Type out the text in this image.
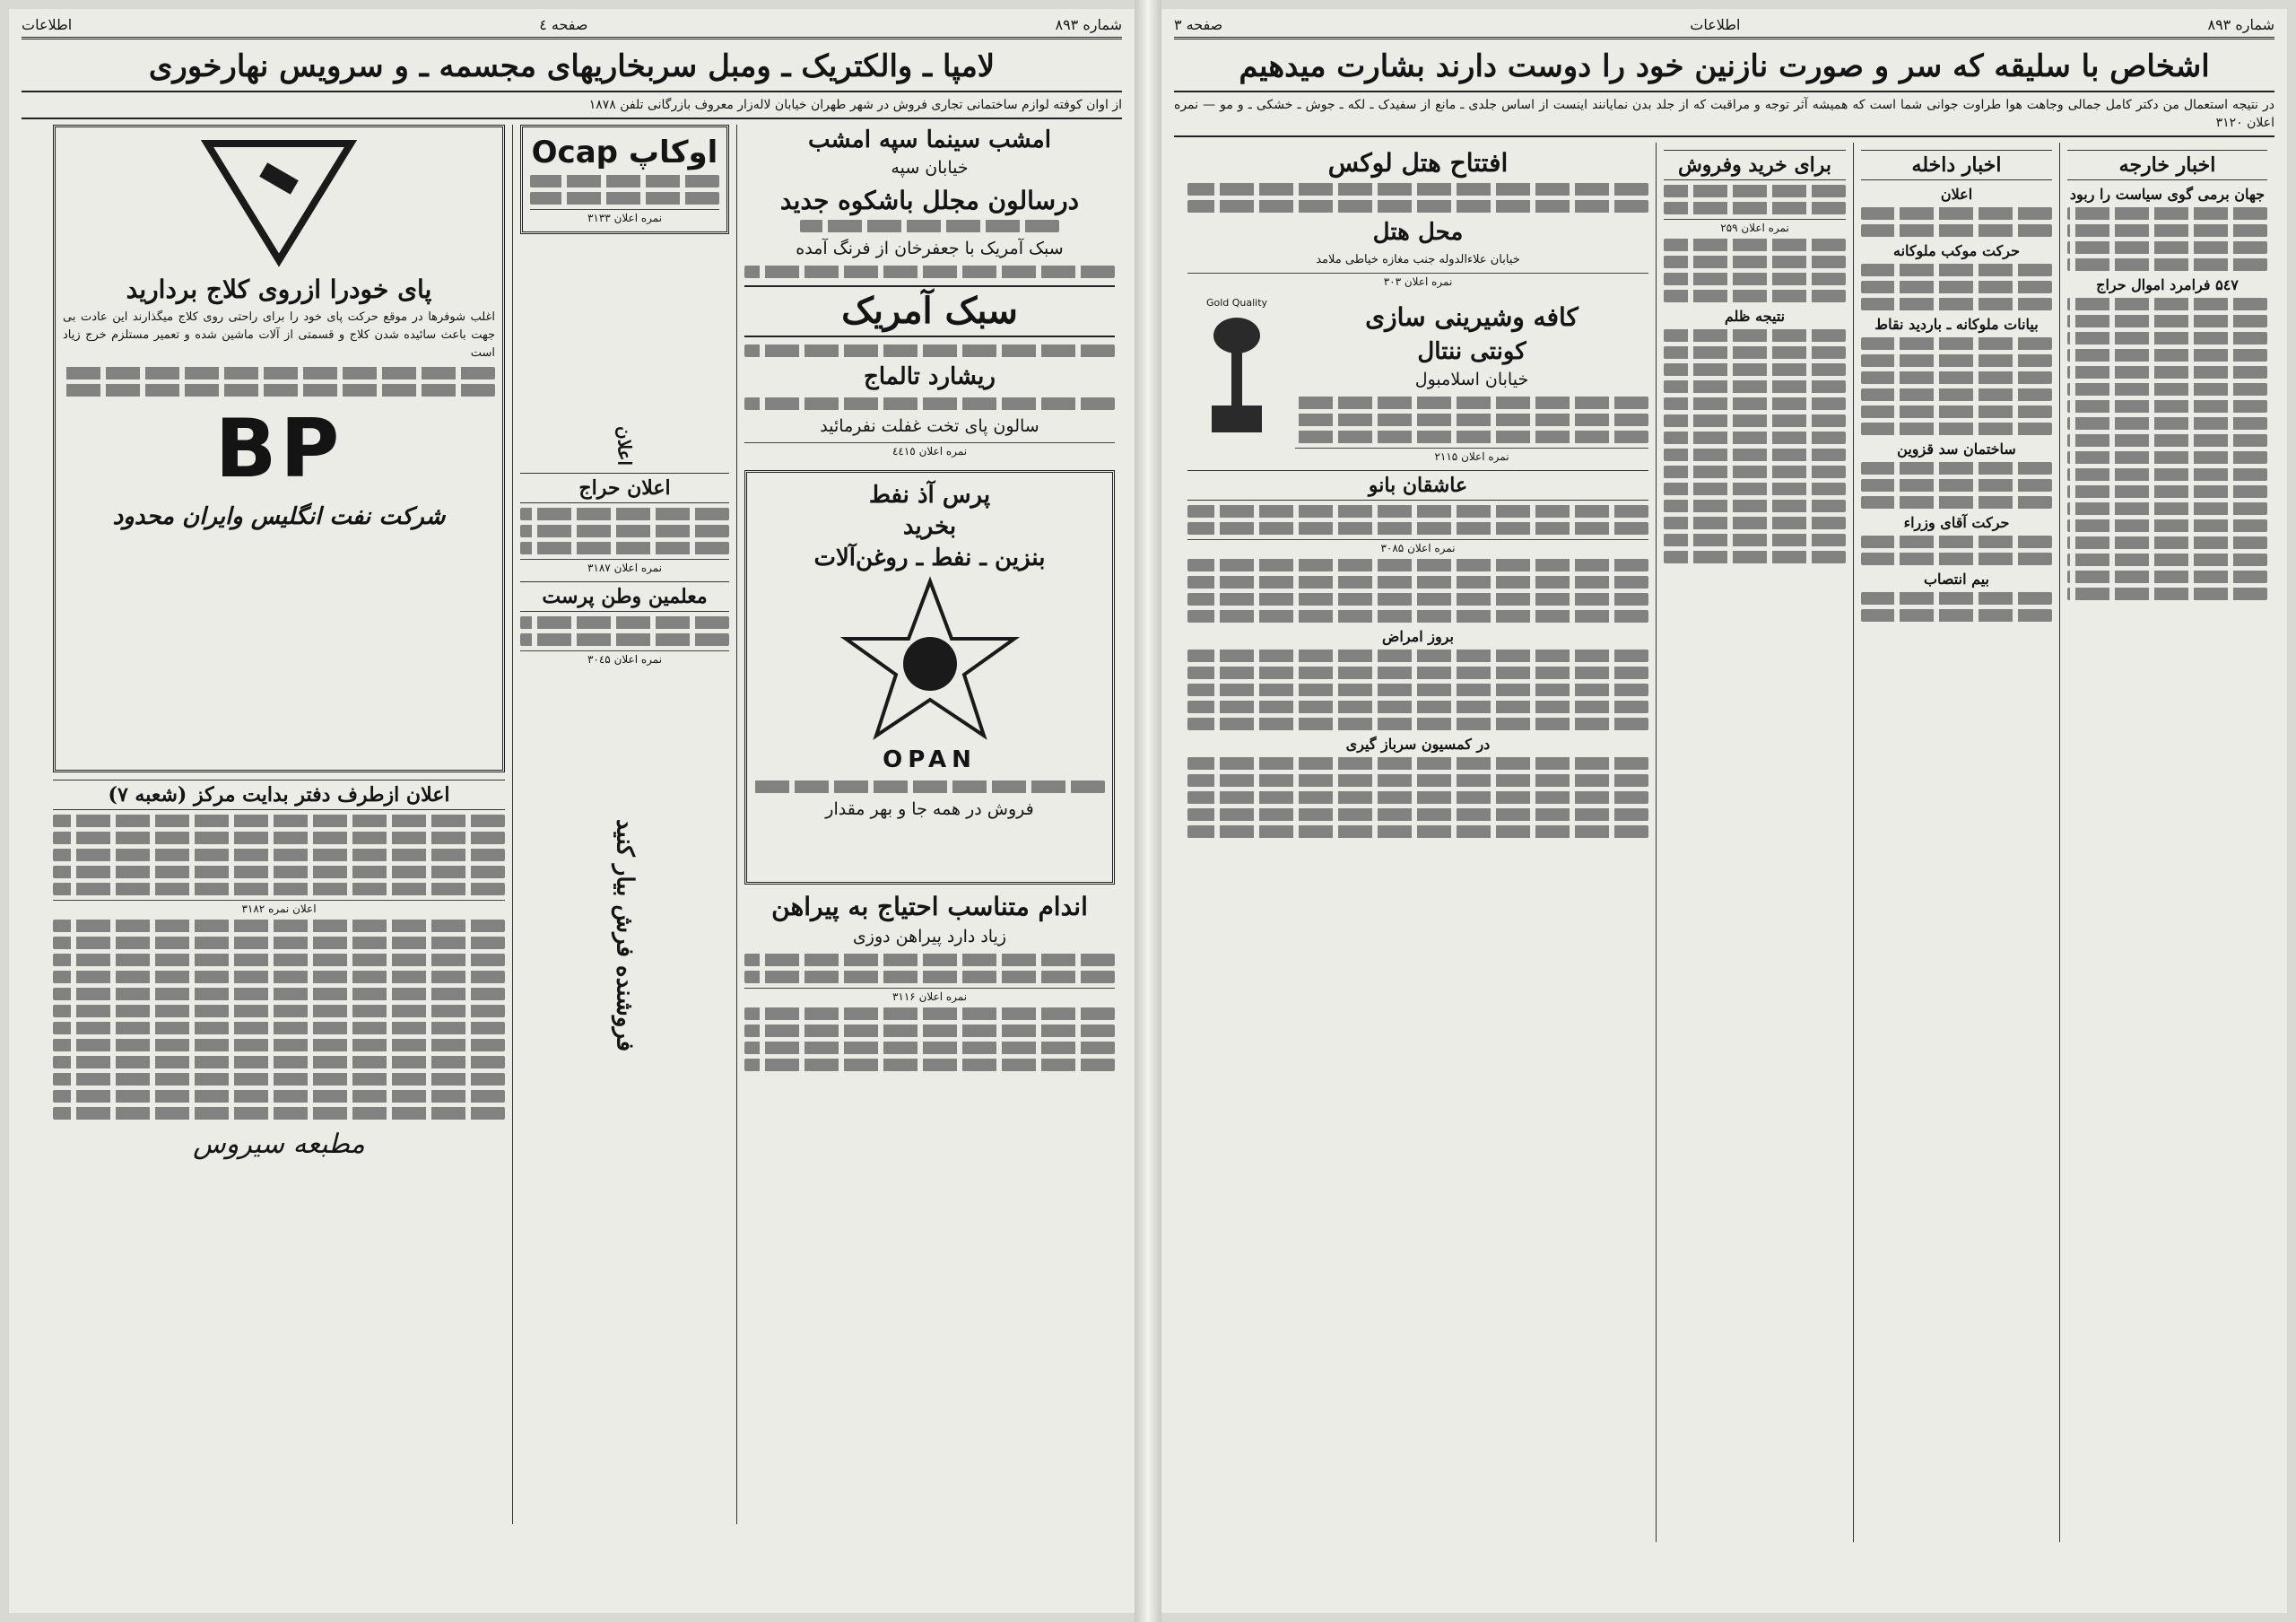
شماره ۸۹۳
صفحه ٤
اطلاعات
لامپا ـ والکتریک ـ ومبل سربخاریهای مجسمه ـ و سرویس نهارخوری
از اوان کوفته لوازم ساختمانی تجاری فروش در شهر طهران خیابان لاله‌زار معروف بازرگانی تلفن ۱۸۷۸
امشب سینما سپه امشب
خیابان سپه
درسالون مجلل باشکوه جدید
سبک آمریک با جعفرخان از فرنگ آمده
سبک آمریک
ریشارد تالماج
سالون پای تخت غفلت نفرمائید
نمره اعلان ٤٤١٥
پرس آذ نفط
بخرید
بنزین ـ نفط ـ روغن‌آلات
OPAN
فروش در همه جا و بهر مقدار
اندام متناسب احتیاج به پیراهن
زیاد دارد پیراهن دوزی
نمره اعلان ۳۱۱۶
اوکاپ Ocap
نمره اعلان ۳۱۳۳
اعلان
اعلان حراج
نمره اعلان ۳۱۸۷
معلمین وطن پرست
نمره اعلان ۳۰٤۵
فروشنده فرش بیار کنید
پای خودرا ازروی کلاج بردارید

اغلب شوفرها در موقع حرکت پای خود را برای راحتی روی کلاج میگذارند این عادت بی جهت باعث سائیده شدن کلاج و قسمتی از آلات ماشین شده و تعمیر مستلزم خرج زیاد است

BP
شرکت نفت انگلیس وایران محدود
اعلان ازطرف دفتر بدایت مرکز (شعبه ۷)
اعلان نمره ۳۱۸۲
مطبعه سیروس
شماره ۸۹۳
اطلاعات
صفحه ۳
اشخاص با سلیقه که سر و صورت نازنین خود را دوست دارند بشارت میدهیم
در نتیجه استعمال من دکتر کامل جمالی وجاهت هوا طراوت جوانی شما است که همیشه آثر توجه و مراقبت که از جلد بدن نمایانند اینست از اساس جلدی ـ مانع از سفیدک ـ لکه ـ جوش ـ خشکی ـ و مو — نمره اعلان ۳۱۲۰
اخبار خارجه
جهان برمی گوی سیاست را ربود
۵٤٧ فرامرد اموال حراج
اخبار داخله
اعلان
حرکت موکب ملوکانه
بیانات ملوکانه ـ باردید نقاط
ساختمان سد قزوین
حرکت آقای وزراء
بیم انتصاب
برای خرید وفروش
نمره اعلان ۲۵۹
نتیجه ظلم
افتتاح هتل لوکس
محل هتل

خیابان علاءالدوله جنب مغازه خیاطی ملامد

نمره اعلان ۳۰۳
کافه وشیرینی سازی
کونتی ننتال
خیابان اسلامبول
نمره اعلان ۲۱۱۵
Gold Quality
عاشقان بانو
نمره اعلان ۳۰۸۵
بروز امراض
در کمسیون سرباز گیری
